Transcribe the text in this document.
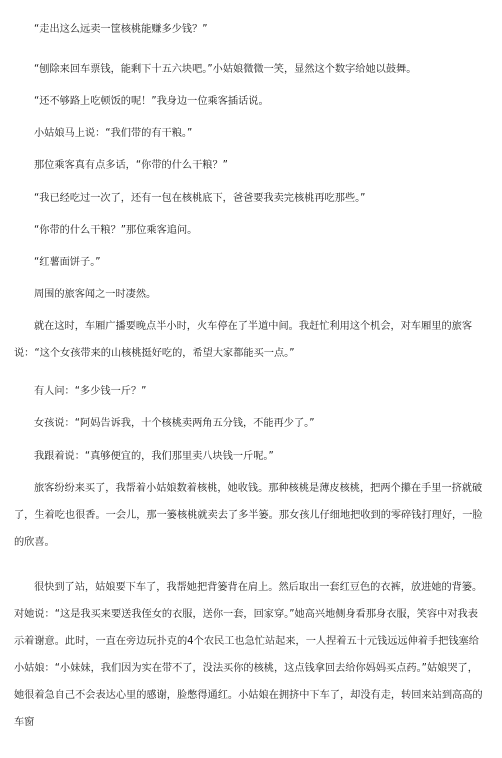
“走出这么远卖一筐核桃能赚多少钱？”

“刨除来回车票钱，能剩下十五六块吧。”小姑娘微微一笑，显然这个数字给她以鼓舞。

“还不够路上吃顿饭的呢！”我身边一位乘客插话说。

小姑娘马上说：“我们带的有干粮。”

那位乘客真有点多话，“你带的什么干粮？”

“我已经吃过一次了，还有一包在核桃底下，爸爸要我卖完核桃再吃那些。”

“你带的什么干粮？”那位乘客追问。

“红薯面饼子。”

周围的旅客闻之一时凄然。

就在这时，车厢广播要晚点半小时，火车停在了半道中间。我赶忙利用这个机会，对车厢里的旅客说：“这个女孩带来的山核桃挺好吃的，希望大家都能买一点。”

有人问：“多少钱一斤？”

女孩说：“阿妈告诉我，十个核桃卖两角五分钱，不能再少了。”

我跟着说：“真够便宜的，我们那里卖八块钱一斤呢。”

旅客纷纷来买了，我帮着小姑娘数着核桃，她收钱。那种核桃是薄皮核桃，把两个攥在手里一挤就破了，生着吃也很香。一会儿，那一篓核桃就卖去了多半篓。那女孩儿仔细地把收到的零碎钱打理好，一脸的欣喜。

很快到了站，姑娘要下车了，我帮她把背篓背在肩上。然后取出一套红豆色的衣裤，放进她的背篓。对她说：“这是我买来要送我侄女的衣服，送你一套，回家穿。”她高兴地侧身看那身衣服，笑容中对我表示着谢意。此时，一直在旁边玩扑克的4个农民工也急忙站起来，一人捏着五十元钱远远伸着手把钱塞给小姑娘：“小妹妹，我们因为实在带不了，没法买你的核桃，这点钱拿回去给你妈妈买点药。”姑娘哭了，她很着急自己不会表达心里的感谢，脸憋得通红。小姑娘在拥挤中下车了，却没有走，转回来站到高高的车窗
